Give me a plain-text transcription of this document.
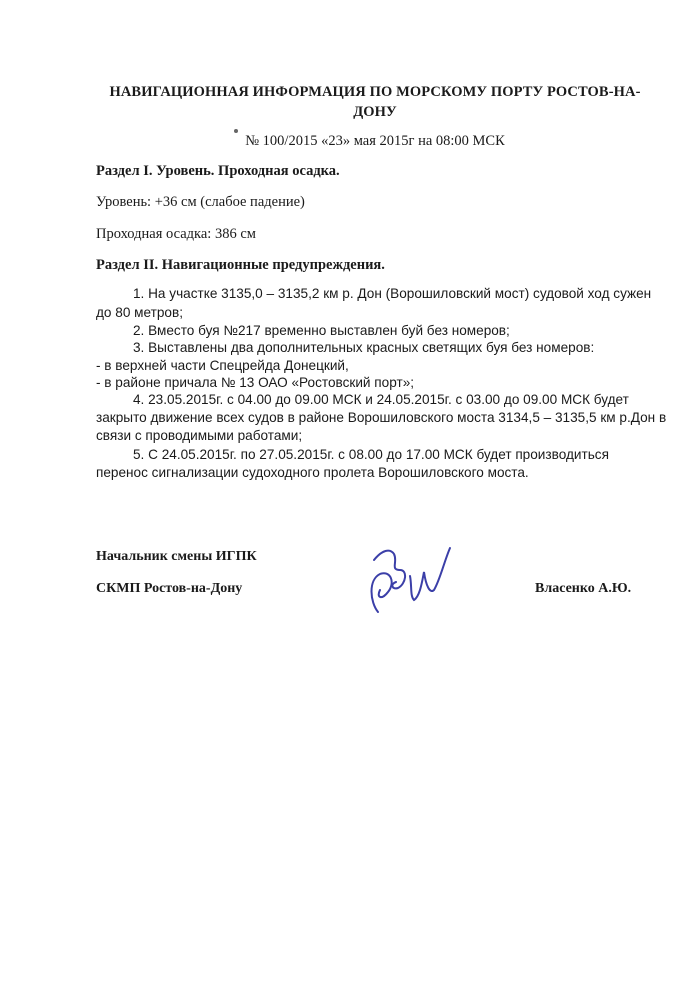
НАВИГАЦИОННАЯ ИНФОРМАЦИЯ ПО МОРСКОМУ ПОРТУ РОСТОВ-НА-
ДОНУ
№ 100/2015 «23» мая 2015г на 08:00 МСК
Раздел I. Уровень. Проходная осадка.
Уровень: +36 см (слабое падение)
Проходная осадка: 386 см
Раздел II. Навигационные предупреждения.
1. На участке 3135,0 – 3135,2 км р. Дон (Ворошиловский мост) судовой ход сужен
до 80 метров;
2. Вместо буя №217 временно выставлен буй без номеров;
3. Выставлены два дополнительных красных светящих буя без номеров:
- в верхней части Спецрейда Донецкий,
- в районе причала № 13 ОАО «Ростовский порт»;
4. 23.05.2015г. с 04.00 до 09.00 МСК и 24.05.2015г. с 03.00 до 09.00 МСК будет
закрыто движение всех судов в районе Ворошиловского моста 3134,5 – 3135,5 км р.Дон в
связи с проводимыми работами;
5. С 24.05.2015г. по 27.05.2015г. с 08.00 до 17.00 МСК будет производиться
перенос сигнализации судоходного пролета Ворошиловского моста.
Начальник смены ИГПК
СКМП Ростов-на-Дону	Власенко А.Ю.
